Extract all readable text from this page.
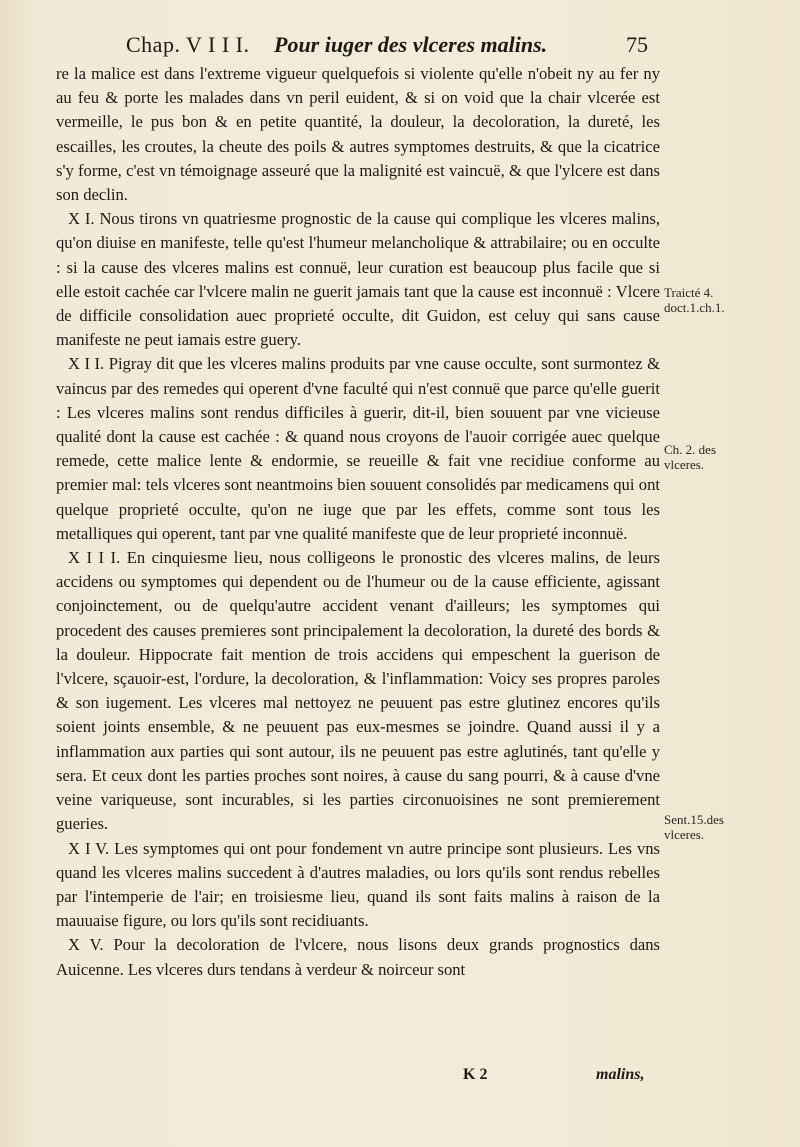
Chap. V I I I. Pour iuger des vlceres malins.	75

re la malice est dans l'extreme vigueur quelquefois si violente qu'elle n'obeit ny au fer ny au feu & porte les malades dans vn peril euident, & si on void que la chair vlcerée est vermeille, le pus bon & en petite quantité, la douleur, la decoloration, la dureté, les escailles, les croutes, la cheute des poils & autres symptomes destruits, & que la cicatrice s'y forme, c'est vn témoignage asseuré que la malignité est vaincuë, & que l'ylcere est dans son declin.

X I. Nous tirons vn quatriesme prognostic de la cause qui complique les vlceres malins, qu'on diuise en manifeste, telle qu'est l'humeur melancholique & attrabilaire; ou en occulte : si la cause des vlceres malins est connuë, leur curation est beaucoup plus facile que si elle estoit cachée car l'vlcere malin ne guerit jamais tant que la cause est inconnuë : Vlcere de difficile consolidation auec proprieté occulte, dit Guidon, est celuy qui sans cause manifeste ne peut iamais estre guery.

X I I. Pigray dit que les vlceres malins produits par vne cause occulte, sont surmontez & vaincus par des remedes qui operent d'vne faculté qui n'est connuë que parce qu'elle guerit : Les vlceres malins sont rendus difficiles à guerir, dit-il, bien souuent par vne vicieuse qualité dont la cause est cachée : & quand nous croyons de l'auoir corrigée auec quelque remede, cette malice lente & endormie, se reueille & fait vne recidiue conforme au premier mal: tels vlceres sont neantmoins bien souuent consolidés par medicamens qui ont quelque proprieté occulte, qu'on ne iuge que par les effets, comme sont tous les metalliques qui operent, tant par vne qualité manifeste que de leur proprieté inconnuë.

X I I I. En cinquiesme lieu, nous colligeons le pronostic des vlceres malins, de leurs accidens ou symptomes qui dependent ou de l'humeur ou de la cause efficiente, agissant conjoinctement, ou de quelqu'autre accident venant d'ailleurs; les symptomes qui procedent des causes premieres sont principalement la decoloration, la dureté des bords & la douleur. Hippocrate fait mention de trois accidens qui empeschent la guerison de l'vlcere, sçauoir-est, l'ordure, la decoloration, & l'inflammation: Voicy ses propres paroles & son iugement. Les vlceres mal nettoyez ne peuuent pas estre glutinez encores qu'ils soient joints ensemble, & ne peuuent pas eux-mesmes se joindre. Quand aussi il y a inflammation aux parties qui sont autour, ils ne peuuent pas estre aglutinés, tant qu'elle y sera. Et ceux dont les parties proches sont noires, à cause du sang pourri, & à cause d'vne veine variqueuse, sont incurables, si les parties circonuoisines ne sont premierement gueries.

X I V. Les symptomes qui ont pour fondement vn autre principe sont plusieurs. Les vns quand les vlceres malins succedent à d'autres maladies, ou lors qu'ils sont rendus rebelles par l'intemperie de l'air; en troisiesme lieu, quand ils sont faits malins à raison de la mauuaise figure, ou lors qu'ils sont recidiuants.

X V. Pour la decoloration de l'vlcere, nous lisons deux grands prognostics dans Auicenne. Les vlceres durs tendans à verdeur & noirceur sont

Traicté 4. doct.1.ch.1.
Ch. 2. des vlceres.
Sent.15.des vlceres.
K 2	malins,
